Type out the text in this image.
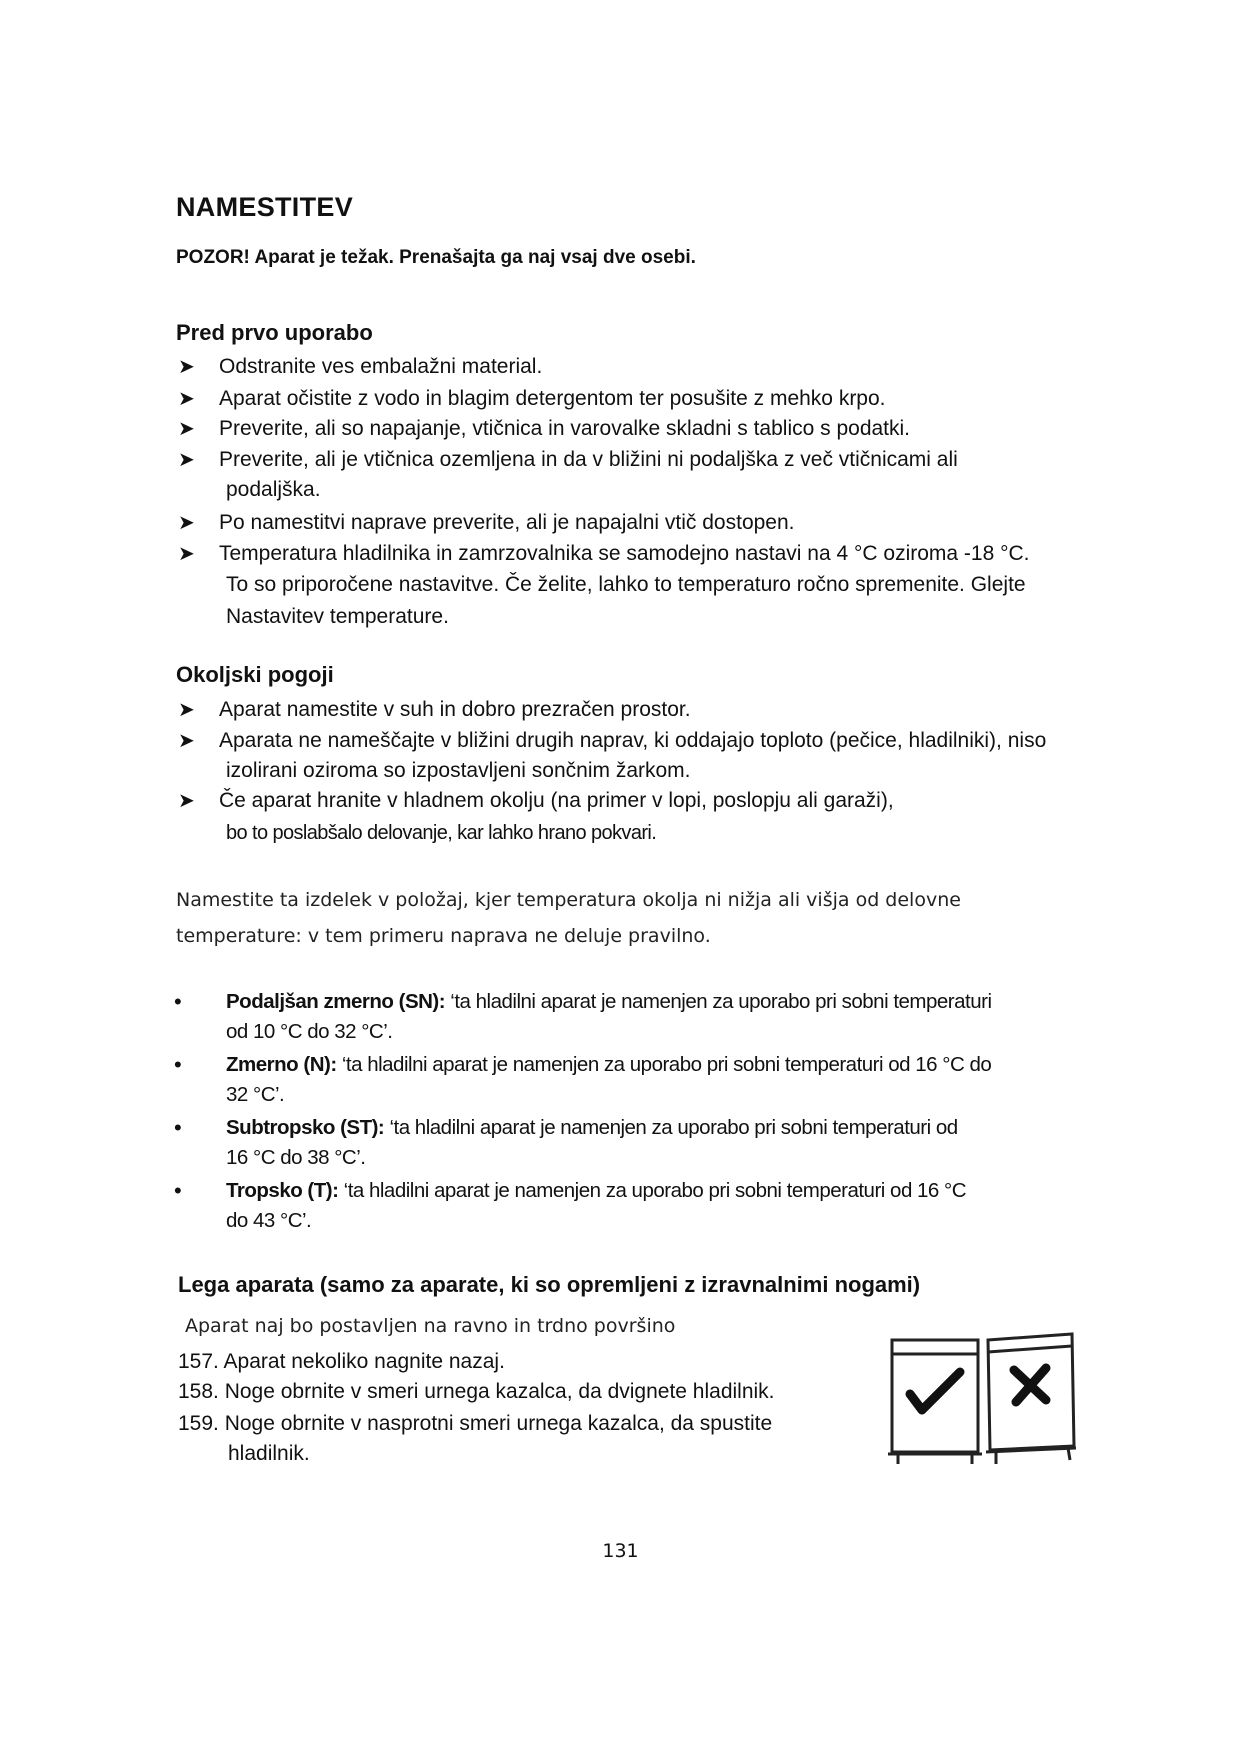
NAMESTITEV
POZOR! Aparat je težak. Prenašajta ga naj vsaj dve osebi.
Pred prvo uporabo
➤ Odstranite ves embalažni material.
➤ Aparat očistite z vodo in blagim detergentom ter posušite z mehko krpo.
➤ Preverite, ali so napajanje, vtičnica in varovalke skladni s tablico s podatki.
➤ Preverite, ali je vtičnica ozemljena in da v bližini ni podaljška z več vtičnicami ali
podaljška.
➤ Po namestitvi naprave preverite, ali je napajalni vtič dostopen.
➤ Temperatura hladilnika in zamrzovalnika se samodejno nastavi na 4 °C oziroma -18 °C.
To so priporočene nastavitve. Če želite, lahko to temperaturo ročno spremenite. Glejte
Nastavitev temperature.
Okoljski pogoji
➤ Aparat namestite v suh in dobro prezračen prostor.
➤ Aparata ne nameščajte v bližini drugih naprav, ki oddajajo toploto (pečice, hladilniki), niso
izolirani oziroma so izpostavljeni sončnim žarkom.
➤ Če aparat hranite v hladnem okolju (na primer v lopi, poslopju ali garaži),
bo to poslabšalo delovanje, kar lahko hrano pokvari.
Namestite ta izdelek v položaj, kjer temperatura okolja ni nižja ali višja od delovne
temperature: v tem primeru naprava ne deluje pravilno.
• Podaljšan zmerno (SN): ‘ta hladilni aparat je namenjen za uporabo pri sobni temperaturi
od 10 °C do 32 °C’.
• Zmerno (N): ‘ta hladilni aparat je namenjen za uporabo pri sobni temperaturi od 16 °C do
32 °C’.
• Subtropsko (ST): ‘ta hladilni aparat je namenjen za uporabo pri sobni temperaturi od
16 °C do 38 °C’.
• Tropsko (T): ‘ta hladilni aparat je namenjen za uporabo pri sobni temperaturi od 16 °C
do 43 °C’.
Lega aparata (samo za aparate, ki so opremljeni z izravnalnimi nogami)
Aparat naj bo postavljen na ravno in trdno površino
157. Aparat nekoliko nagnite nazaj.
158. Noge obrnite v smeri urnega kazalca, da dvignete hladilnik.
159. Noge obrnite v nasprotni smeri urnega kazalca, da spustite
hladilnik.
131
